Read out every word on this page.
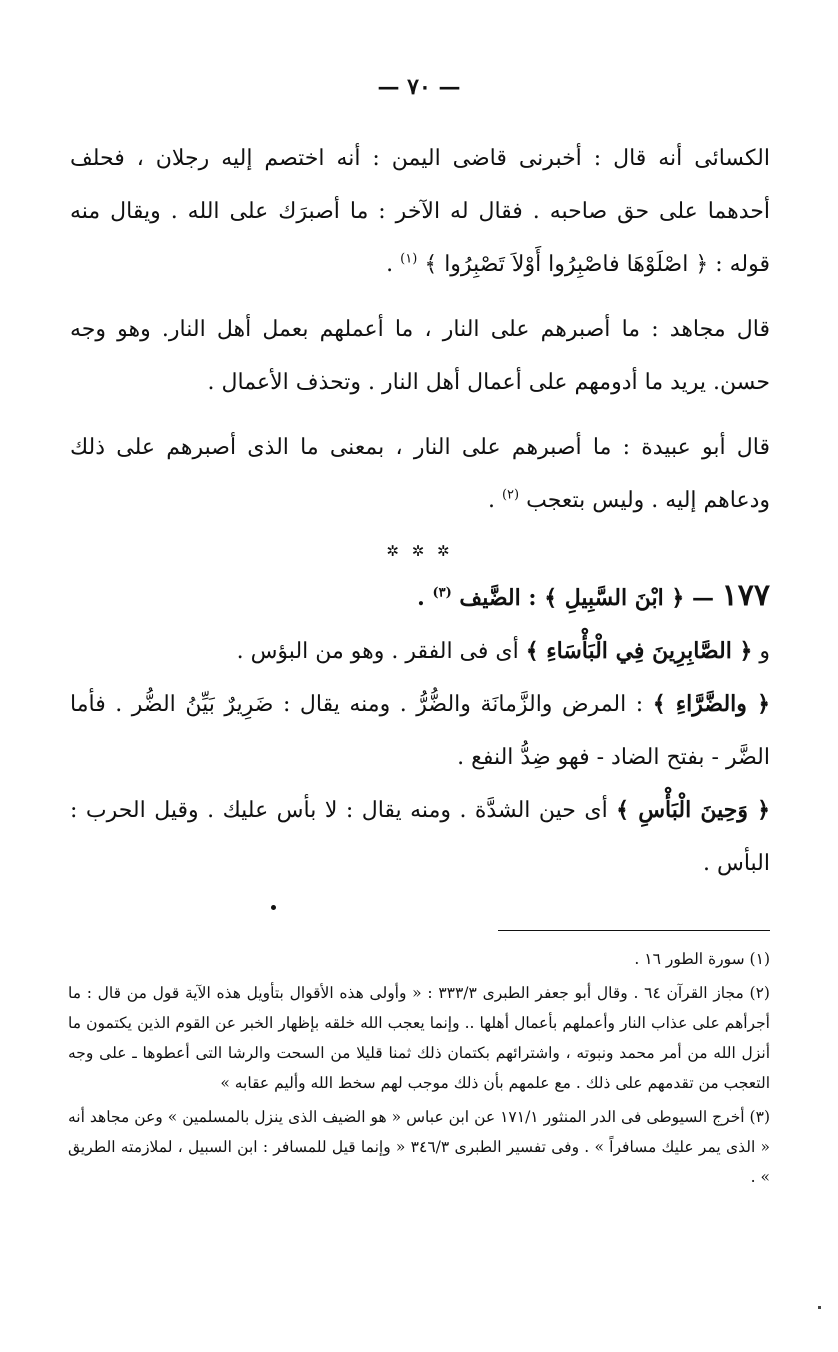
— ٧٠ —

الكسائى أنه قال : أخبرنى قاضى اليمن : أنه اختصم إليه رجلان ، فحلف أحدهما على حق صاحبه . فقال له الآخر : ما أصبرَك على الله . ويقال منه قوله : ﴿ اصْلَوْهَا فاصْبِرُوا أَوْلاَ تَصْبِرُوا ﴾ $^{(١)}$ .

قال مجاهد : ما أصبرهم على النار ، ما أعملهم بعمل أهل النار. وهو وجه حسن. يريد ما أدومهم على أعمال أهل النار . وتحذف الأعمال .

قال أبو عبيدة : ما أصبرهم على النار ، بمعنى ما الذى أصبرهم على ذلك ودعاهم إليه . وليس بتعجب $^{(٢)}$ .

✲ ✲ ✲

١٧٧ — ﴿ ابْنَ السَّبِيلِ ﴾ : الضَّيف $^{(٣)}$ .

و ﴿ الصَّابِرِينَ فِي الْبَأْسَاءِ ﴾ أى فى الفقر . وهو من البؤس .

﴿ والضَّرَّاءِ ﴾ : المرض والزَّمانَة والضُّرُّ . ومنه يقال : ضَرِيرٌ بَيِّنُ الضُّر . فأما الضَّر - بفتح الضاد - فهو ضِدُّ النفع .

﴿ وَحِينَ الْبَأْسِ ﴾ أى حين الشدَّة . ومنه يقال : لا بأس عليك . وقيل الحرب : البأس .

(١) سورة الطور ١٦ .

(٢) مجاز القرآن ٦٤ . وقال أبو جعفر الطبرى ٣٣٣/٣ : « وأولى هذه الأقوال بتأويل هذه الآية قول من قال : ما أجرأهم على عذاب النار وأعملهم بأعمال أهلها .. وإنما يعجب الله خلقه بإظهار الخبر عن القوم الذين يكتمون ما أنزل الله من أمر محمد ونبوته ، واشترائهم بكتمان ذلك ثمنا قليلا من السحت والرشا التى أعطوها ـ على وجه التعجب من تقدمهم على ذلك . مع علمهم بأن ذلك موجب لهم سخط الله وأليم عقابه »

(٣) أخرج السيوطى فى الدر المنثور ١٧١/١ عن ابن عباس « هو الضيف الذى ينزل بالمسلمين » وعن مجاهد أنه « الذى يمر عليك مسافراً » . وفى تفسير الطبرى ٣٤٦/٣ « وإنما قيل للمسافر : ابن السبيل ، لملازمته الطريق » .
